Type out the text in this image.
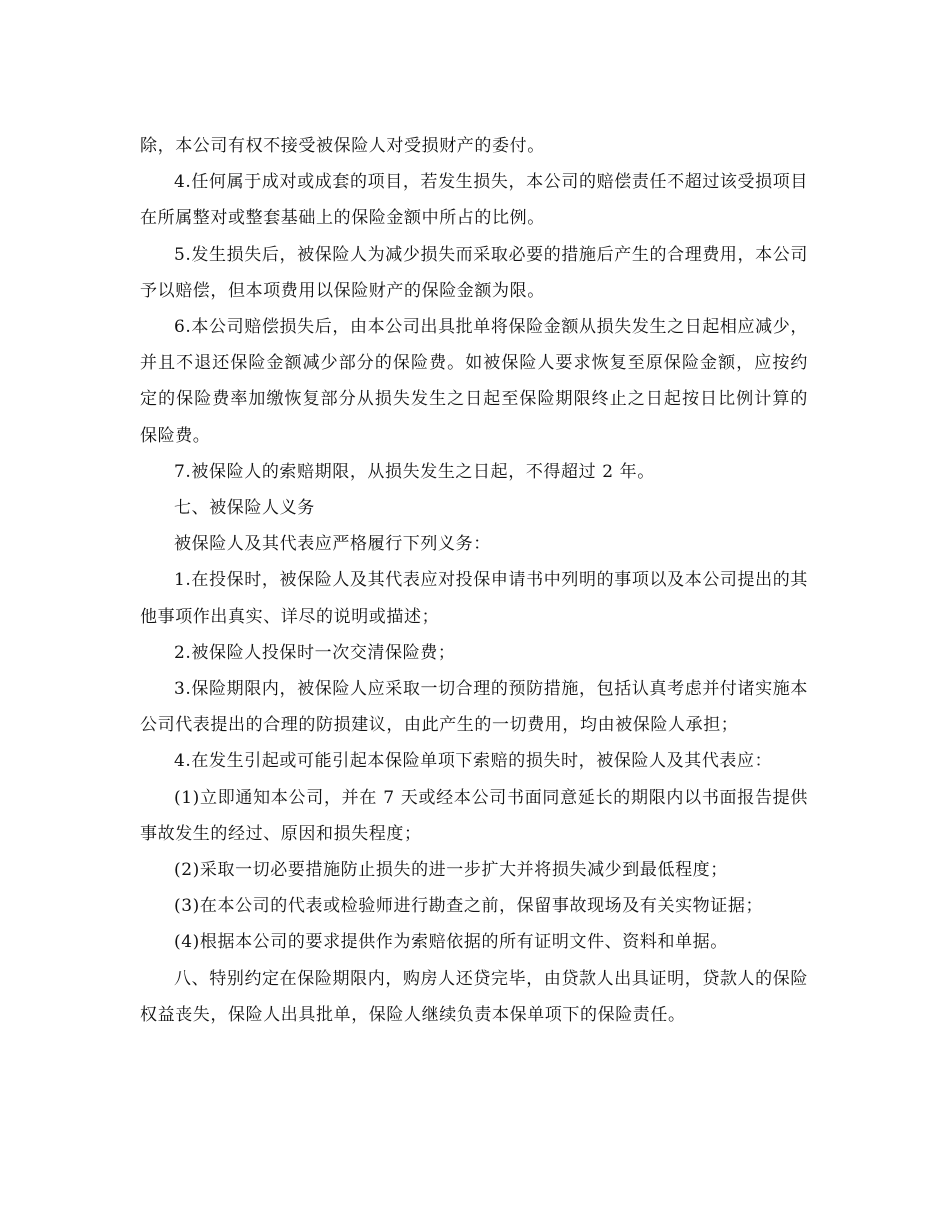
除，本公司有权不接受被保险人对受损财产的委付。

4.任何属于成对或成套的项目，若发生损失，本公司的赔偿责任不超过该受损项目在所属整对或整套基础上的保险金额中所占的比例。

5.发生损失后，被保险人为减少损失而采取必要的措施后产生的合理费用，本公司予以赔偿，但本项费用以保险财产的保险金额为限。

6.本公司赔偿损失后，由本公司出具批单将保险金额从损失发生之日起相应减少，并且不退还保险金额减少部分的保险费。如被保险人要求恢复至原保险金额，应按约定的保险费率加缴恢复部分从损失发生之日起至保险期限终止之日起按日比例计算的保险费。

7.被保险人的索赔期限，从损失发生之日起，不得超过 2 年。

七、被保险人义务

被保险人及其代表应严格履行下列义务：

1.在投保时，被保险人及其代表应对投保申请书中列明的事项以及本公司提出的其他事项作出真实、详尽的说明或描述；

2.被保险人投保时一次交清保险费；

3.保险期限内，被保险人应采取一切合理的预防措施，包括认真考虑并付诸实施本公司代表提出的合理的防损建议，由此产生的一切费用，均由被保险人承担；

4.在发生引起或可能引起本保险单项下索赔的损失时，被保险人及其代表应：

(1)立即通知本公司，并在 7 天或经本公司书面同意延长的期限内以书面报告提供事故发生的经过、原因和损失程度；

(2)采取一切必要措施防止损失的进一步扩大并将损失减少到最低程度；

(3)在本公司的代表或检验师进行勘查之前，保留事故现场及有关实物证据；

(4)根据本公司的要求提供作为索赔依据的所有证明文件、资料和单据。

八、特别约定在保险期限内，购房人还贷完毕，由贷款人出具证明，贷款人的保险权益丧失，保险人出具批单，保险人继续负责本保单项下的保险责任。
